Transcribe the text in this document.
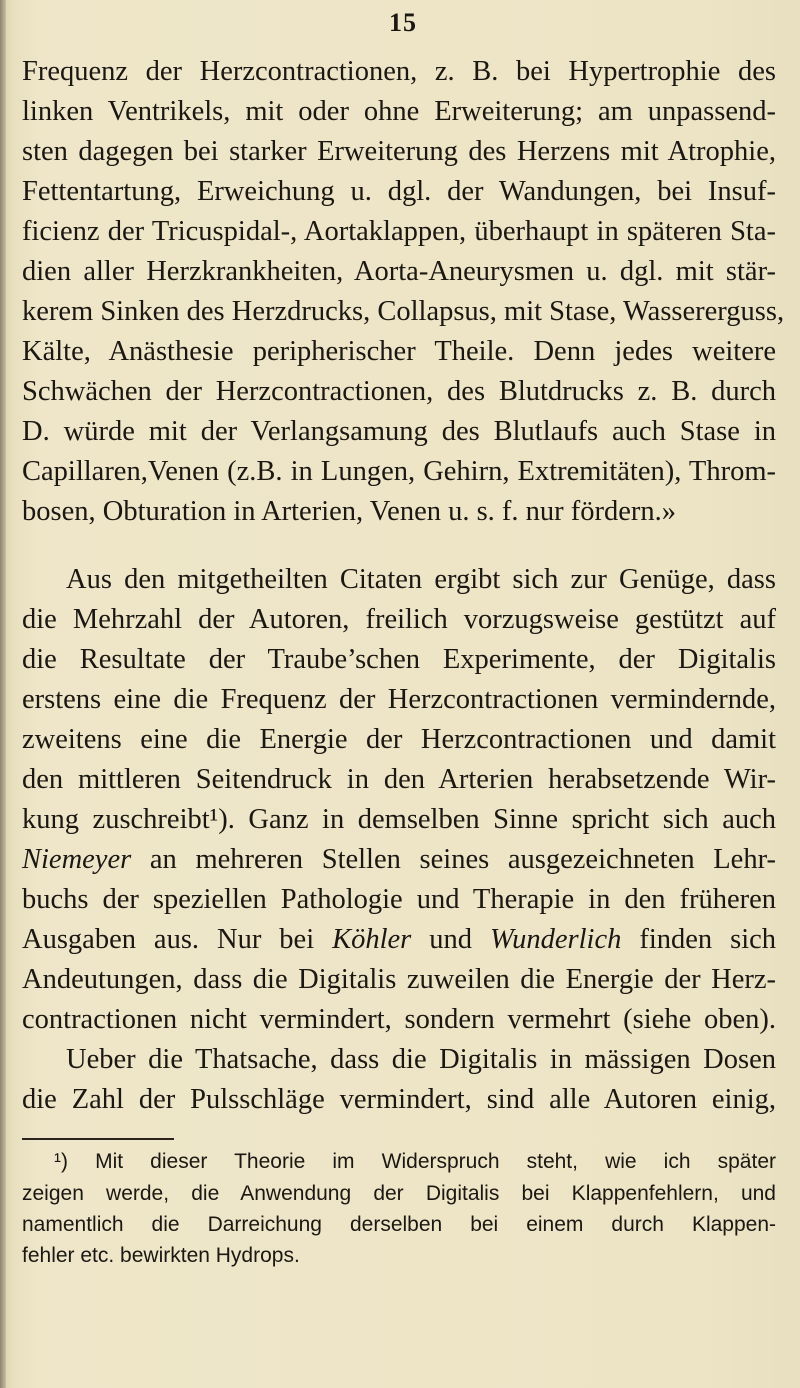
15
Frequenz der Herzcontractionen, z. B. bei Hypertrophie des
linken Ventrikels, mit oder ohne Erweiterung; am unpassend-
sten dagegen bei starker Erweiterung des Herzens mit Atrophie,
Fettentartung, Erweichung u. dgl. der Wandungen, bei Insuf-
ficienz der Tricuspidal-, Aortaklappen, überhaupt in späteren Sta-
dien aller Herzkrankheiten, Aorta-Aneurysmen u. dgl. mit stär-
kerem Sinken des Herzdrucks, Collapsus, mit Stase, Wassererguss,
Kälte, Anästhesie peripherischer Theile. Denn jedes weitere
Schwächen der Herzcontractionen, des Blutdrucks z. B. durch
D. würde mit der Verlangsamung des Blutlaufs auch Stase in
Capillaren,Venen (z.B. in Lungen, Gehirn, Extremitäten), Throm-
bosen, Obturation in Arterien, Venen u. s. f. nur fördern.»
Aus den mitgetheilten Citaten ergibt sich zur Genüge, dass
die Mehrzahl der Autoren, freilich vorzugsweise gestützt auf
die Resultate der Traube’schen Experimente, der Digitalis
erstens eine die Frequenz der Herzcontractionen vermindernde,
zweitens eine die Energie der Herzcontractionen und damit
den mittleren Seitendruck in den Arterien herabsetzende Wir-
kung zuschreibt¹). Ganz in demselben Sinne spricht sich auch
Niemeyer an mehreren Stellen seines ausgezeichneten Lehr-
buchs der speziellen Pathologie und Therapie in den früheren
Ausgaben aus. Nur bei Köhler und Wunderlich finden sich
Andeutungen, dass die Digitalis zuweilen die Energie der Herz-
contractionen nicht vermindert, sondern vermehrt (siehe oben).
Ueber die Thatsache, dass die Digitalis in mässigen Dosen
die Zahl der Pulsschläge vermindert, sind alle Autoren einig,
¹) Mit dieser Theorie im Widerspruch steht, wie ich später
zeigen werde, die Anwendung der Digitalis bei Klappenfehlern, und
namentlich die Darreichung derselben bei einem durch Klappen-
fehler etc. bewirkten Hydrops.
